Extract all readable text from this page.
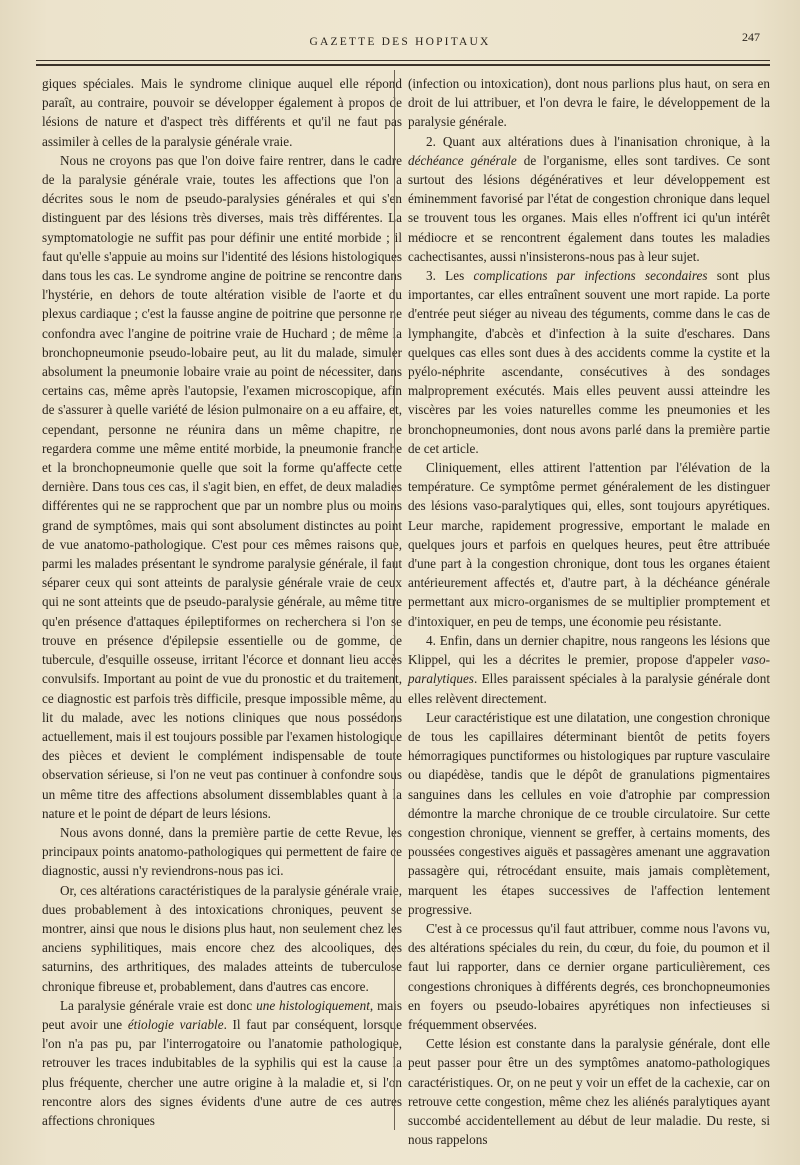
GAZETTE DES HOPITAUX	247

giques spéciales. Mais le syndrome clinique auquel elle répond paraît, au contraire, pouvoir se développer également à propos de lésions de nature et d'aspect très différents et qu'il ne faut pas assimiler à celles de la paralysie générale vraie.

Nous ne croyons pas que l'on doive faire rentrer, dans le cadre de la paralysie générale vraie, toutes les affections que l'on a décrites sous le nom de pseudo-paralysies générales et qui s'en distinguent par des lésions très diverses, mais très différentes. La symptomatologie ne suffit pas pour définir une entité morbide ; il faut qu'elle s'appuie au moins sur l'identité des lésions histologiques dans tous les cas. Le syndrome angine de poitrine se rencontre dans l'hystérie, en dehors de toute altération visible de l'aorte et du plexus cardiaque ; c'est la fausse angine de poitrine que personne ne confondra avec l'angine de poitrine vraie de Huchard ; de même la bronchopneumonie pseudo-lobaire peut, au lit du malade, simuler absolument la pneumonie lobaire vraie au point de nécessiter, dans certains cas, même après l'autopsie, l'examen microscopique, afin de s'assurer à quelle variété de lésion pulmonaire on a eu affaire, et, cependant, personne ne réunira dans un même chapitre, ne regardera comme une même entité morbide, la pneumonie franche et la bronchopneumonie quelle que soit la forme qu'affecte cette dernière. Dans tous ces cas, il s'agit bien, en effet, de deux maladies différentes qui ne se rapprochent que par un nombre plus ou moins grand de symptômes, mais qui sont absolument distinctes au point de vue anatomo-pathologique. C'est pour ces mêmes raisons que, parmi les malades présentant le syndrome paralysie générale, il faut séparer ceux qui sont atteints de paralysie générale vraie de ceux qui ne sont atteints que de pseudo-paralysie générale, au même titre qu'en présence d'attaques épileptiformes on recherchera si l'on se trouve en présence d'épilepsie essentielle ou de gomme, de tubercule, d'esquille osseuse, irritant l'écorce et donnant lieu accès convulsifs. Important au point de vue du pronostic et du traitement, ce diagnostic est parfois très difficile, presque impossible même, au lit du malade, avec les notions cliniques que nous possédons actuellement, mais il est toujours possible par l'examen histologique des pièces et devient le complément indispensable de toute observation sérieuse, si l'on ne veut pas continuer à confondre sous un même titre des affections absolument dissemblables quant à la nature et le point de départ de leurs lésions.

Nous avons donné, dans la première partie de cette Revue, les principaux points anatomo-pathologiques qui permettent de faire ce diagnostic, aussi n'y reviendrons-nous pas ici.

Or, ces altérations caractéristiques de la paralysie générale vraie, dues probablement à des intoxications chroniques, peuvent se montrer, ainsi que nous le disions plus haut, non seulement chez les anciens syphilitiques, mais encore chez des alcooliques, des saturnins, des arthritiques, des malades atteints de tuberculose chronique fibreuse et, probablement, dans d'autres cas encore.

La paralysie générale vraie est donc une histologiquement, mais peut avoir une étiologie variable. Il faut par conséquent, lorsque l'on n'a pas pu, par l'interrogatoire ou l'anatomie pathologique, retrouver les traces indubitables de la syphilis qui est la cause la plus fréquente, chercher une autre origine à la maladie et, si l'on rencontre alors des signes évidents d'une autre de ces autres affections chroniques

(infection ou intoxication), dont nous parlions plus haut, on sera en droit de lui attribuer, et l'on devra le faire, le développement de la paralysie générale.

2. Quant aux altérations dues à l'inanisation chronique, à la déchéance générale de l'organisme, elles sont tardives. Ce sont surtout des lésions dégénératives et leur développement est éminemment favorisé par l'état de congestion chronique dans lequel se trouvent tous les organes. Mais elles n'offrent ici qu'un intérêt médiocre et se rencontrent également dans toutes les maladies cachectisantes, aussi n'insisterons-nous pas à leur sujet.

3. Les complications par infections secondaires sont plus importantes, car elles entraînent souvent une mort rapide. La porte d'entrée peut siéger au niveau des téguments, comme dans le cas de lymphangite, d'abcès et d'infection à la suite d'eschares. Dans quelques cas elles sont dues à des accidents comme la cystite et la pyélo-néphrite ascendante, consécutives à des sondages malproprement exécutés. Mais elles peuvent aussi atteindre les viscères par les voies naturelles comme les pneumonies et les bronchopneumonies, dont nous avons parlé dans la première partie de cet article.

Cliniquement, elles attirent l'attention par l'élévation de la température. Ce symptôme permet généralement de les distinguer des lésions vaso-paralytiques qui, elles, sont toujours apyrétiques. Leur marche, rapidement progressive, emportant le malade en quelques jours et parfois en quelques heures, peut être attribuée d'une part à la congestion chronique, dont tous les organes étaient antérieurement affectés et, d'autre part, à la déchéance générale permettant aux micro-organismes de se multiplier promptement et d'intoxiquer, en peu de temps, une économie peu résistante.

4. Enfin, dans un dernier chapitre, nous rangeons les lésions que Klippel, qui les a décrites le premier, propose d'appeler vaso-paralytiques. Elles paraissent spéciales à la paralysie générale dont elles relèvent directement.

Leur caractéristique est une dilatation, une congestion chronique de tous les capillaires déterminant bientôt de petits foyers hémorragiques punctiformes ou histologiques par rupture vasculaire ou diapédèse, tandis que le dépôt de granulations pigmentaires sanguines dans les cellules en voie d'atrophie par compression démontre la marche chronique de ce trouble circulatoire. Sur cette congestion chronique, viennent se greffer, à certains moments, des poussées congestives aiguës et passagères amenant une aggravation passagère qui, rétrocédant ensuite, mais jamais complètement, marquent les étapes successives de l'affection lentement progressive.

C'est à ce processus qu'il faut attribuer, comme nous l'avons vu, des altérations spéciales du rein, du cœur, du foie, du poumon et il faut lui rapporter, dans ce dernier organe particulièrement, ces congestions chroniques à différents degrés, ces bronchopneumonies en foyers ou pseudo-lobaires apyrétiques non infectieuses si fréquemment observées.

Cette lésion est constante dans la paralysie générale, dont elle peut passer pour être un des symptômes anatomo-pathologiques caractéristiques. Or, on ne peut y voir un effet de la cachexie, car on retrouve cette congestion, même chez les aliénés paralytiques ayant succombé accidentellement au début de leur maladie. Du reste, si nous rappelons
